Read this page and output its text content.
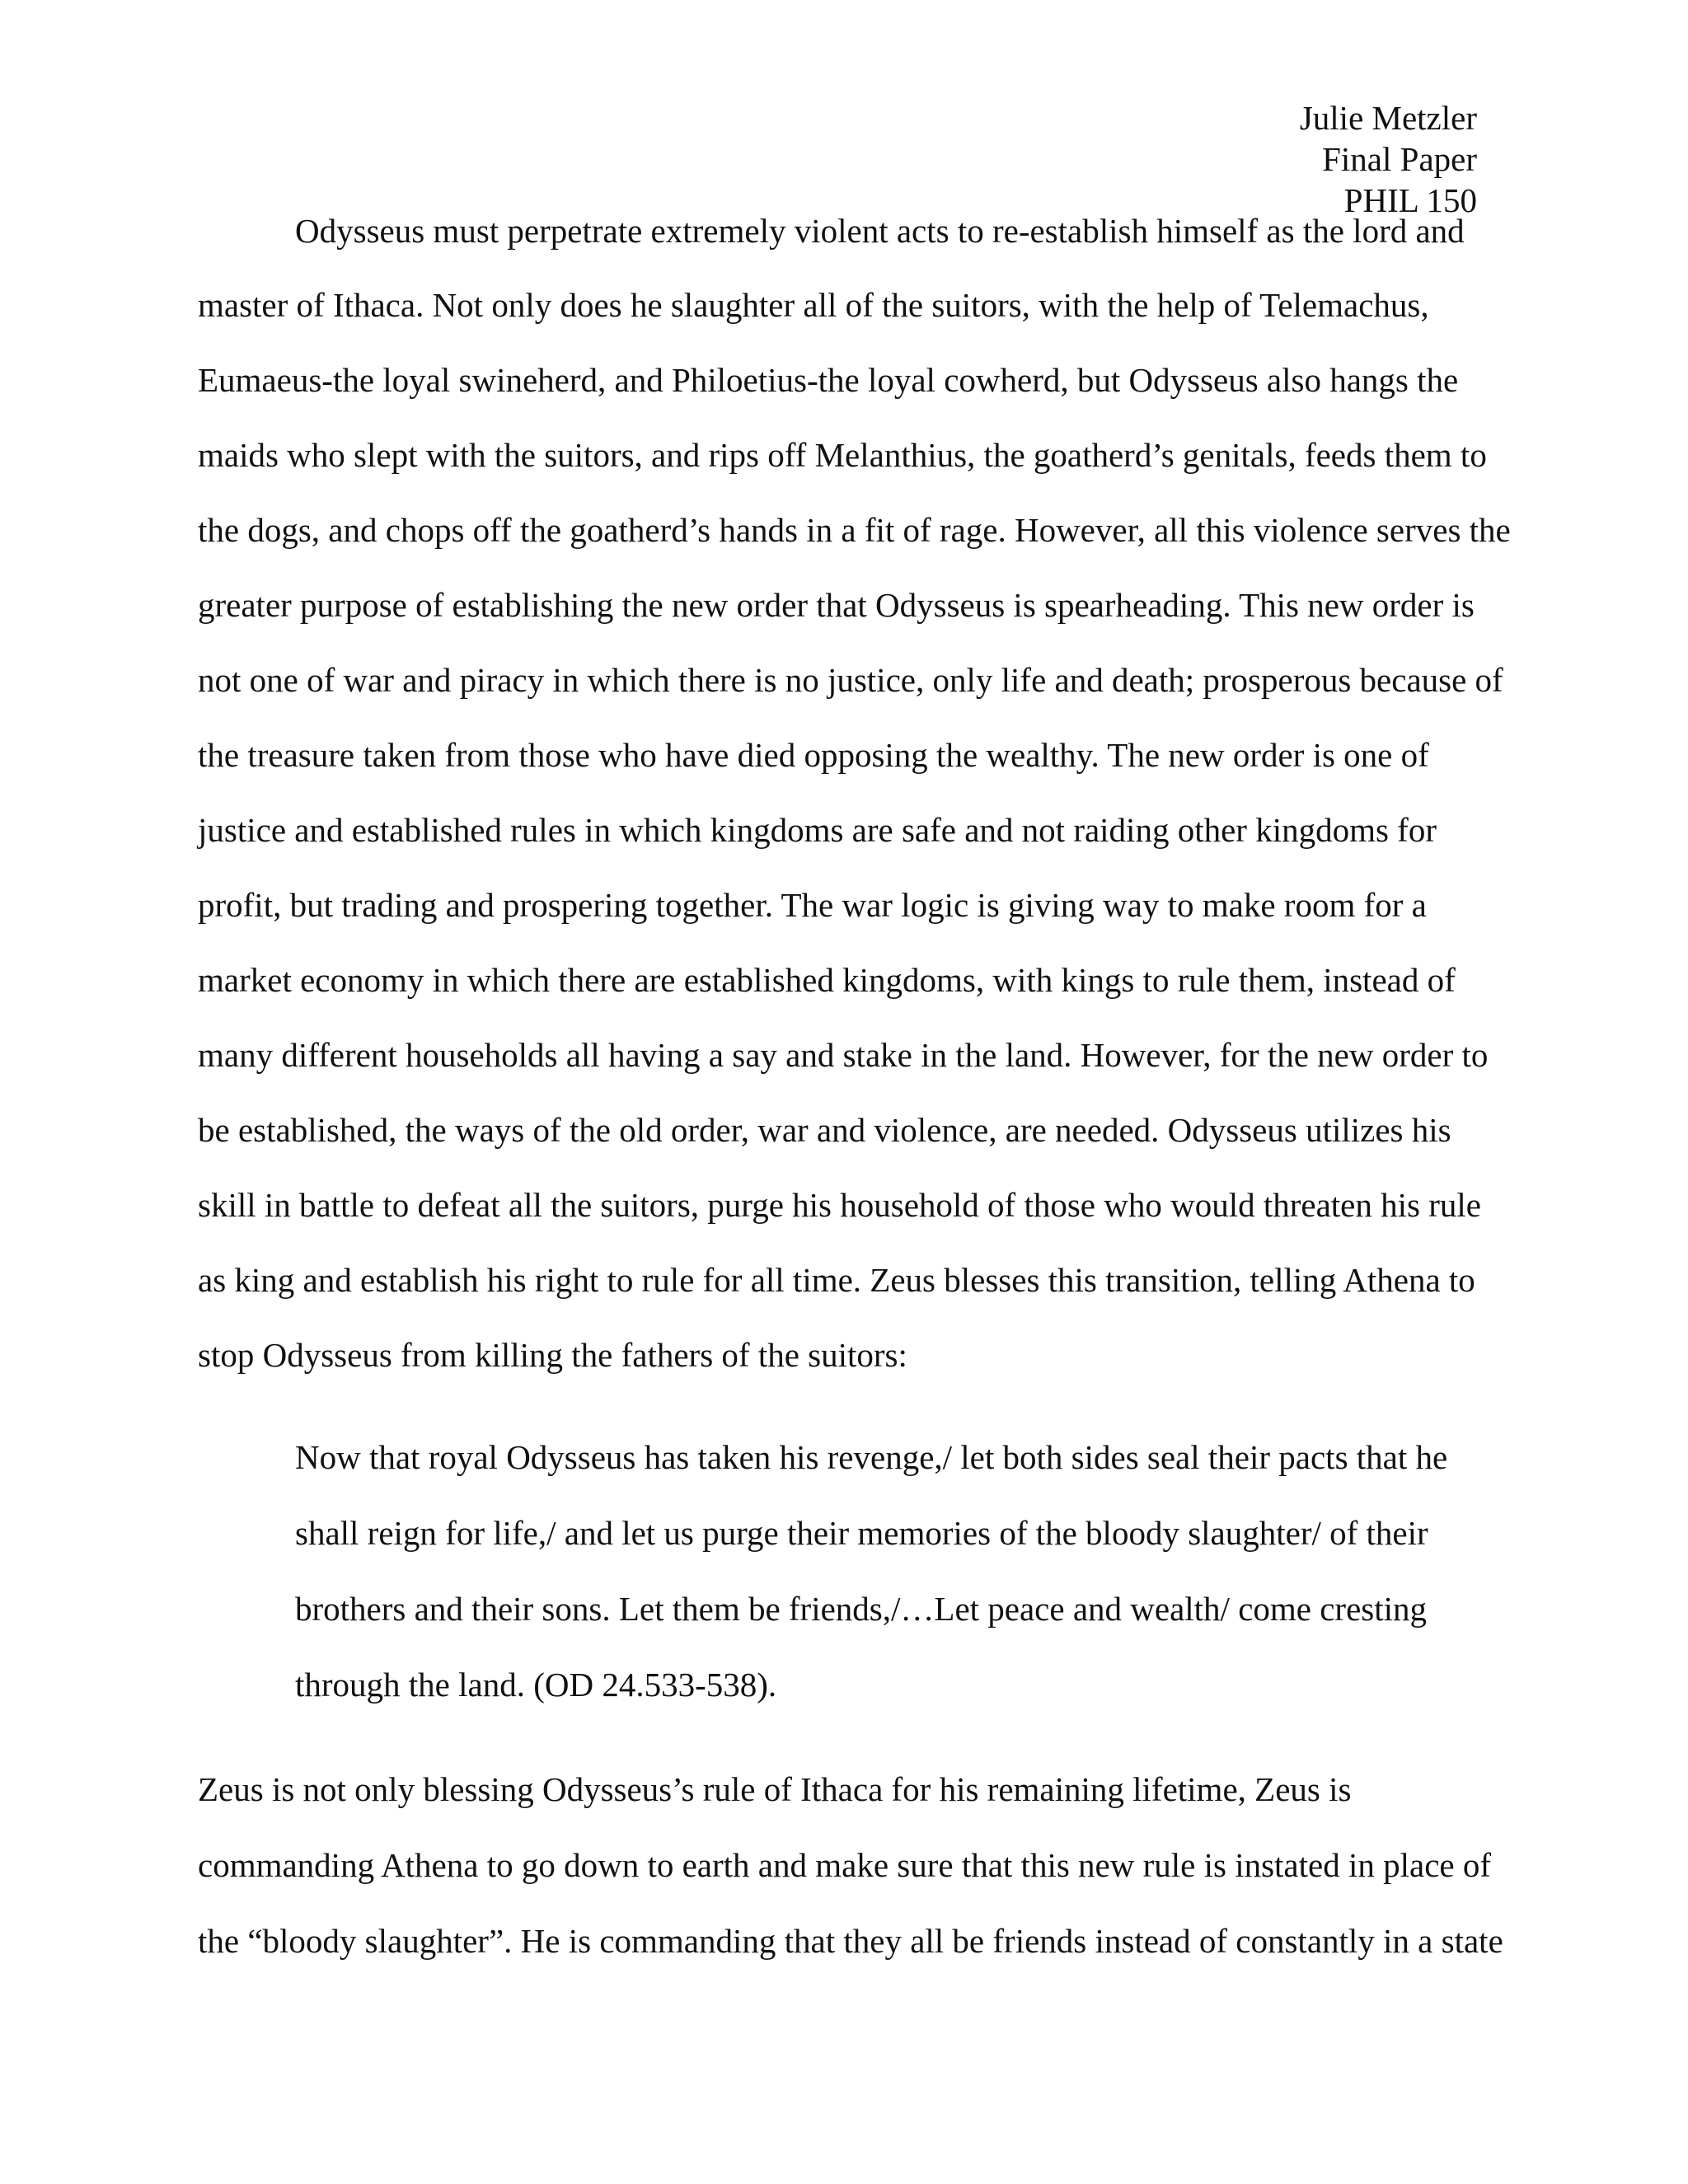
Julie Metzler
Final Paper
PHIL 150
Odysseus must perpetrate extremely violent acts to re-establish himself as the lord and
master of Ithaca. Not only does he slaughter all of the suitors, with the help of Telemachus,
Eumaeus-the loyal swineherd, and Philoetius-the loyal cowherd, but Odysseus also hangs the
maids who slept with the suitors, and rips off Melanthius, the goatherd’s genitals, feeds them to
the dogs, and chops off the goatherd’s hands in a fit of rage. However, all this violence serves the
greater purpose of establishing the new order that Odysseus is spearheading. This new order is
not one of war and piracy in which there is no justice, only life and death; prosperous because of
the treasure taken from those who have died opposing the wealthy. The new order is one of
justice and established rules in which kingdoms are safe and not raiding other kingdoms for
profit, but trading and prospering together. The war logic is giving way to make room for a
market economy in which there are established kingdoms, with kings to rule them, instead of
many different households all having a say and stake in the land. However, for the new order to
be established, the ways of the old order, war and violence, are needed. Odysseus utilizes his
skill in battle to defeat all the suitors, purge his household of those who would threaten his rule
as king and establish his right to rule for all time. Zeus blesses this transition, telling Athena to
stop Odysseus from killing the fathers of the suitors:
Now that royal Odysseus has taken his revenge,/ let both sides seal their pacts that he
shall reign for life,/ and let us purge their memories of the bloody slaughter/ of their
brothers and their sons. Let them be friends,/…Let peace and wealth/ come cresting
through the land. (OD 24.533-538).
Zeus is not only blessing Odysseus’s rule of Ithaca for his remaining lifetime, Zeus is
commanding Athena to go down to earth and make sure that this new rule is instated in place of
the “bloody slaughter”. He is commanding that they all be friends instead of constantly in a state
